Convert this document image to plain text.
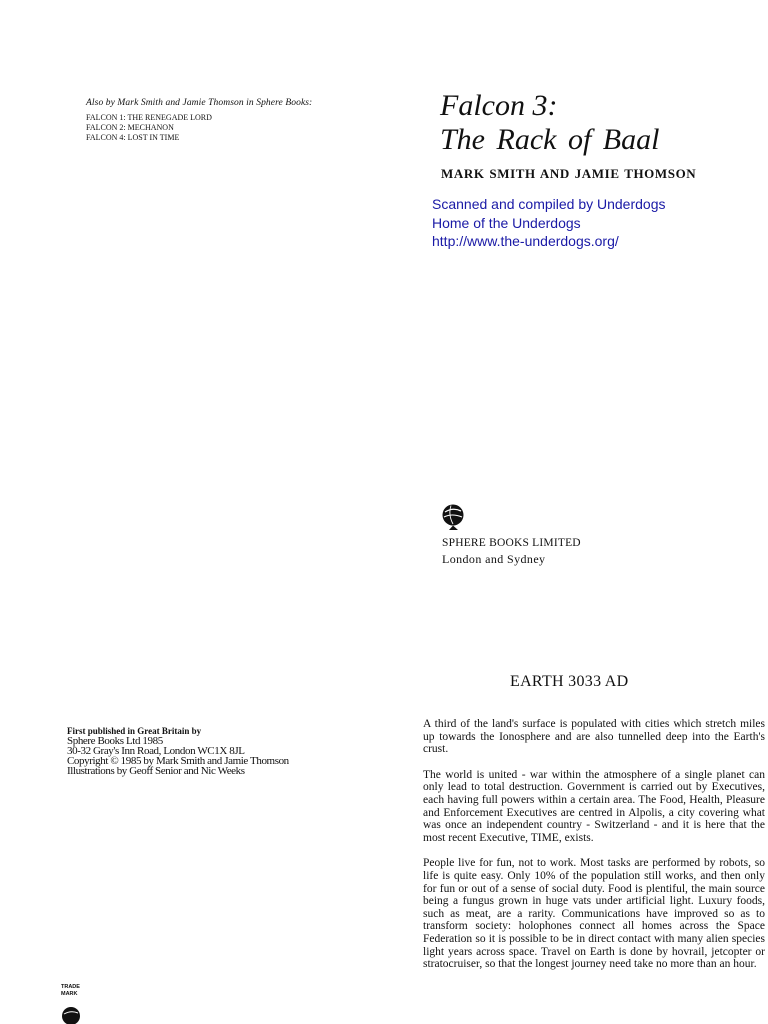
Also by Mark Smith and Jamie Thomson in Sphere Books:
FALCON 1: THE RENEGADE LORD
FALCON 2: MECHANON
FALCON 4: LOST IN TIME
Falcon 3:
The Rack of Baal
MARK SMITH AND JAMIE THOMSON
Scanned and compiled by Underdogs
Home of the Underdogs
http://www.the-underdogs.org/
SPHERE BOOKS LIMITED
London and Sydney
First published in Great Britain by
Sphere Books Ltd 1985
30-32 Gray's Inn Road, London WC1X 8JL
Copyright © 1985 by Mark Smith and Jamie Thomson
Illustrations by Geoff Senior and Nic Weeks
TRADE
MARK
EARTH 3033 AD

A third of the land's surface is populated with cities which stretch miles up towards the Ionosphere and are also tunnelled deep into the Earth's crust.

The world is united - war within the atmosphere of a single planet can only lead to total destruction. Government is carried out by Executives, each having full powers within a certain area. The Food, Health, Pleasure and Enforcement Executives are centred in Alpolis, a city covering what was once an independent country - Switzerland - and it is here that the most recent Executive, TIME, exists.

People live for fun, not to work. Most tasks are performed by robots, so life is quite easy. Only 10% of the population still works, and then only for fun or out of a sense of social duty. Food is plentiful, the main source being a fungus grown in huge vats under artificial light. Luxury foods, such as meat, are a rarity. Communications have improved so as to transform society: holophones connect all homes across the Space Federation so it is possible to be in direct contact with many alien species light years across space. Travel on Earth is done by hovrail, jetcopter or stratocruiser, so that the longest journey need take no more than an hour.
